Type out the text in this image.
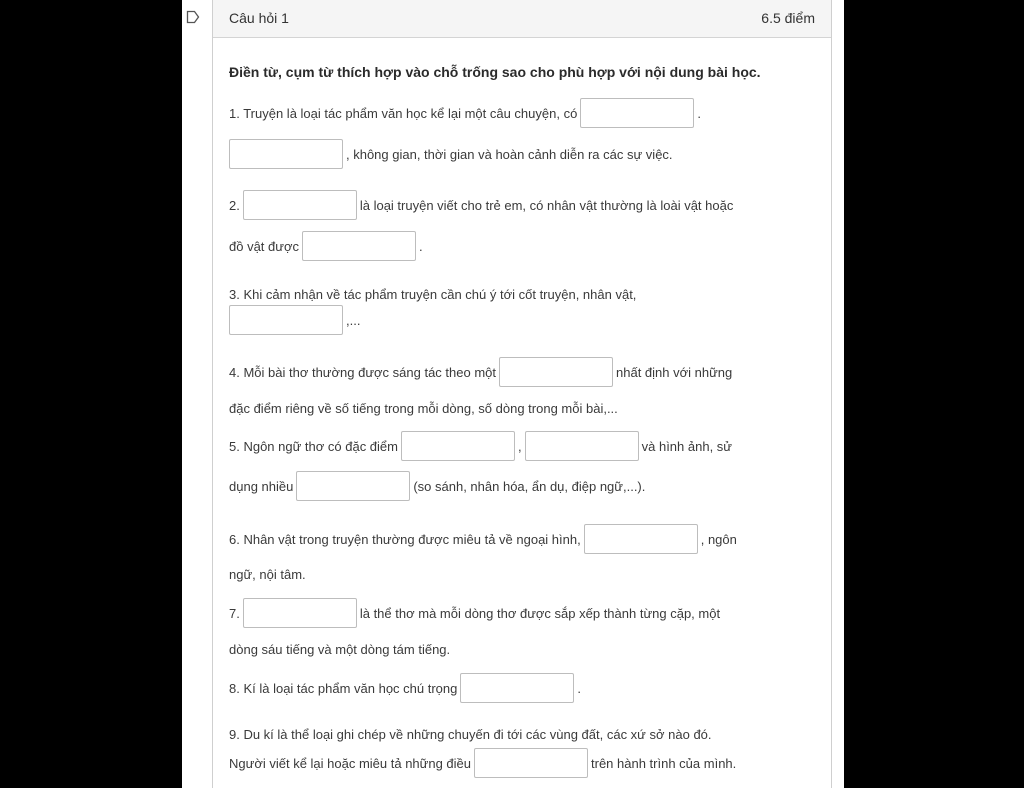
Câu hỏi 1	6.5 điểm

Điền từ, cụm từ thích hợp vào chỗ trống sao cho phù hợp với nội dung bài học.

1. Truyện là loại tác phẩm văn học kể lại một câu chuyện, có	.
, không gian, thời gian và hoàn cảnh diễn ra các sự việc.
2.	là loại truyện viết cho trẻ em, có nhân vật thường là loài vật hoặc
đồ vật được	.
3. Khi cảm nhận về tác phẩm truyện cần chú ý tới cốt truyện, nhân vật,
,...
4. Mỗi bài thơ thường được sáng tác theo một	nhất định với những
đặc điểm riêng về số tiếng trong mỗi dòng, số dòng trong mỗi bài,...
5. Ngôn ngữ thơ có đặc điểm	,	và hình ảnh, sử
dụng nhiều	(so sánh, nhân hóa, ẩn dụ, điệp ngữ,...).
6. Nhân vật trong truyện thường được miêu tả về ngoại hình,	, ngôn
ngữ, nội tâm.
7.	là thể thơ mà mỗi dòng thơ được sắp xếp thành từng cặp, một
dòng sáu tiếng và một dòng tám tiếng.
8. Kí là loại tác phẩm văn học chú trọng	.
9. Du kí là thể loại ghi chép về những chuyến đi tới các vùng đất, các xứ sở nào đó.
Người viết kể lại hoặc miêu tả những điều	trên hành trình của mình.
